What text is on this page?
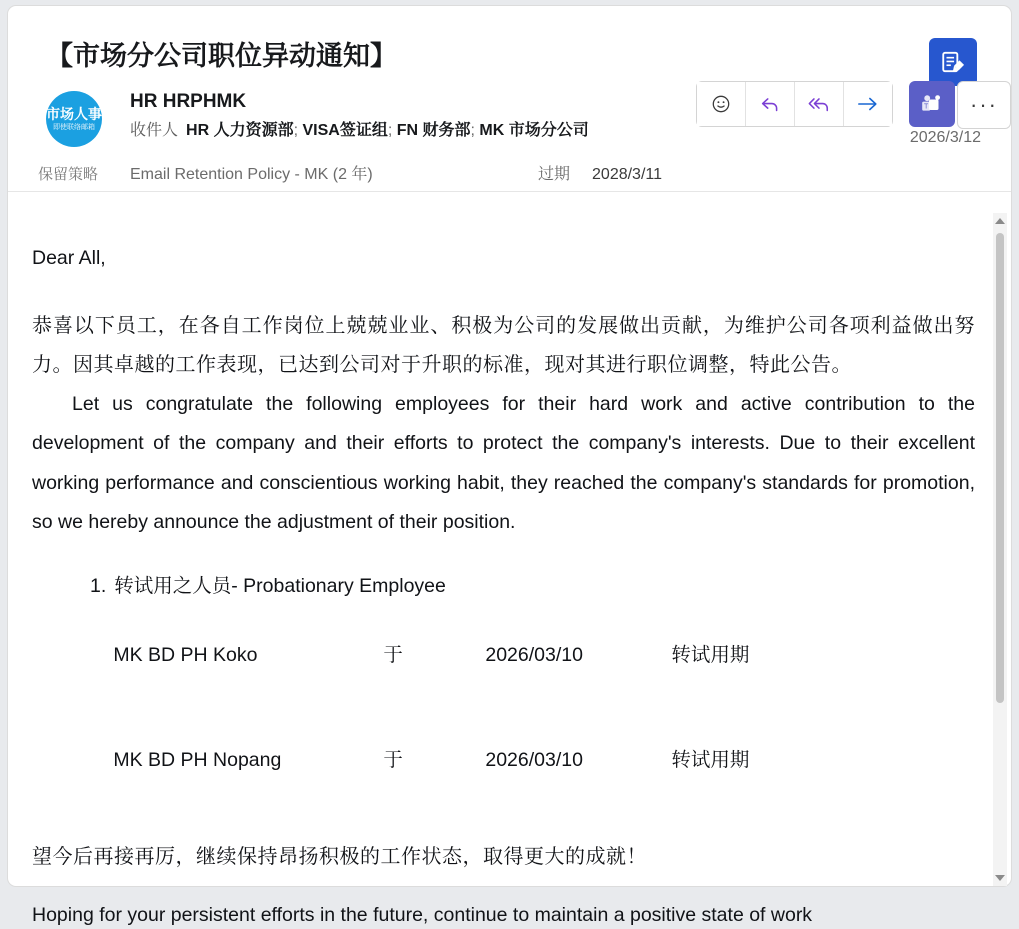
【市场分公司职位异动通知】
市场人事
即使联络邮箱
保留策略
HR HRPHMK
收件人 HR 人力资源部; VISA签证组; FN 财务部; MK 市场分公司
Email Retention Policy - MK (2 年)	过期 2028/3/11
2026/3/12
T	···

Dear All,

恭喜以下员工，在各自工作岗位上兢兢业业、积极为公司的发展做出贡献，为维护公司各项利益做出努力。因其卓越的工作表现，已达到公司对于升职的标准，现对其进行职位调整，特此公告。

Let us congratulate the following employees for their hard work and active contribution to the development of the company and their efforts to protect the company's interests. Due to their excellent working performance and conscientious working habit, they reached the company's standards for promotion, so we hereby announce the adjustment of their position.

1. 转试用之人员- Probationary Employee

MK BD PH Koko	于	2026/03/10	转试用期

MK BD PH Nopang	于	2026/03/10	转试用期

望今后再接再厉，继续保持昂扬积极的工作状态，取得更大的成就！

Hoping for your persistent efforts in the future, continue to maintain a positive state of work
